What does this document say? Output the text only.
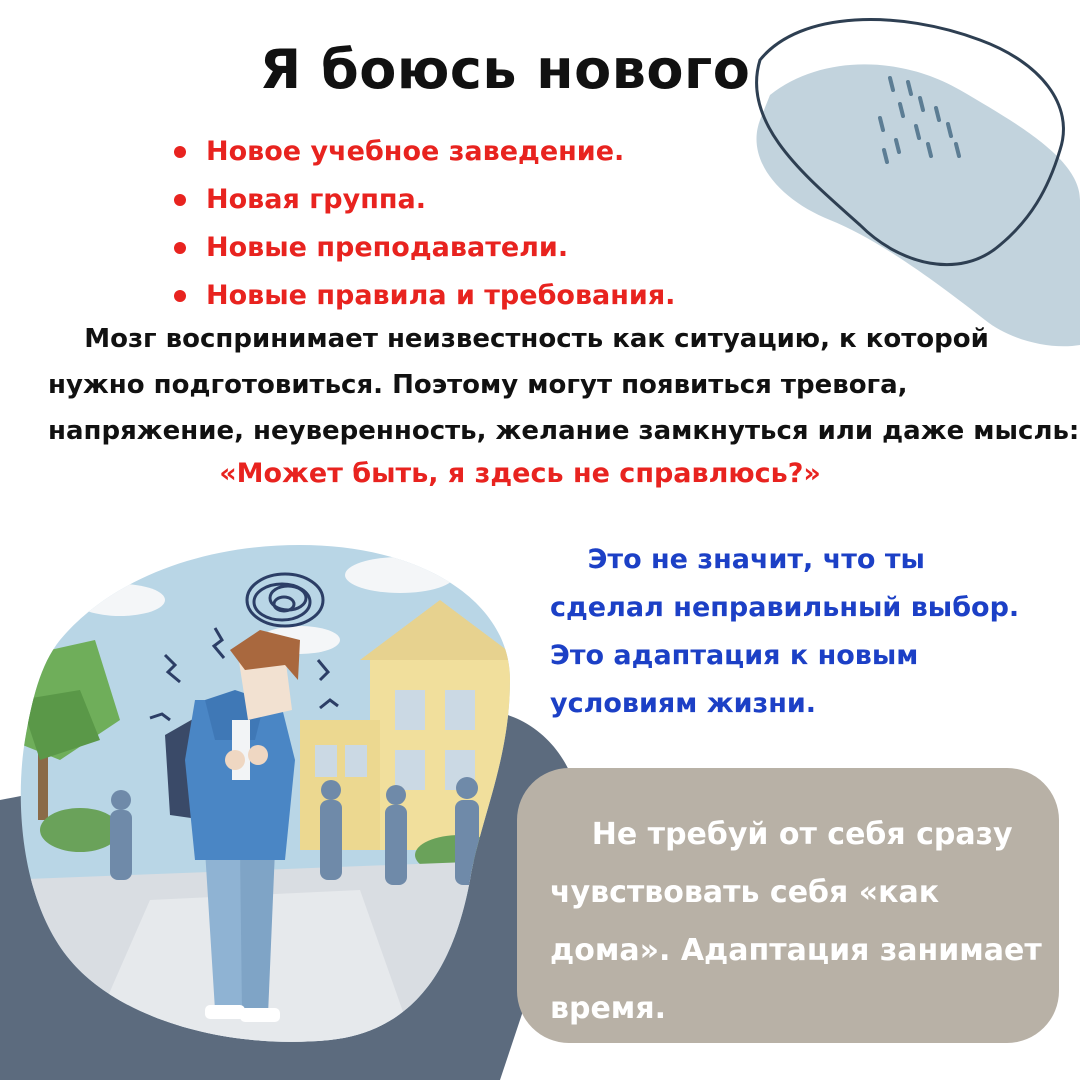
Я боюсь нового
Новое учебное заведение.
Новая группа.
Новые преподаватели.
Новые правила и требования.
Мозг воспринимает неизвестность как ситуацию, к которой
нужно подготовиться. Поэтому могут появиться тревога,
напряжение, неуверенность, желание замкнуться или даже мысль:
«Может быть, я здесь не справлюсь?»
Это не значит, что ты
сделал неправильный выбор.
Это адаптация к новым
условиям жизни.
Не требуй от себя сразу
чувствовать себя «как
дома». Адаптация занимает
время.
